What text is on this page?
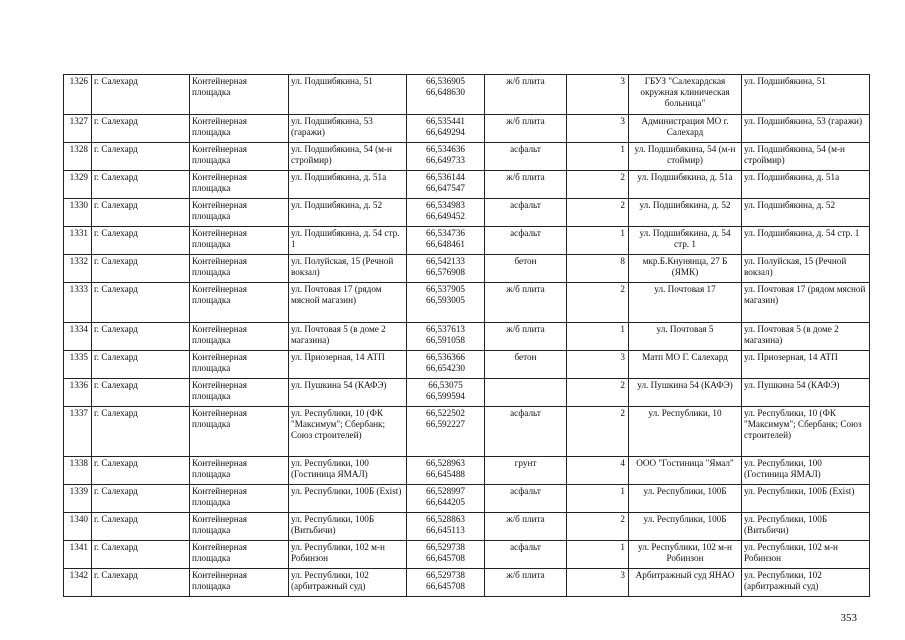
1326	г. Салехард	Контейнерная площадка	ул. Подшибякина, 51	66,536905
66,648630	ж/б плита	3	ГБУЗ "Салехардская окружная клиническая больница"	ул. Подшибякина, 51
1327	г. Салехард	Контейнерная площадка	ул. Подшибякина, 53 (гаражи)	66,535441
66,649294	ж/б плита	3	Администрация МО г. Салехард	ул. Подшибякина, 53 (гаражи)
1328	г. Салехард	Контейнерная площадка	ул. Подшибякина, 54 (м-н строймир)	66,534636
66,649733	асфальт	1	ул. Подшибякина, 54 (м-н стоймир)	ул. Подшибякина, 54 (м-н строймир)
1329	г. Салехард	Контейнерная площадка	ул. Подшибякина, д. 51а	66,536144
66,647547	ж/б плита	2	ул. Подшибякина, д. 51а	ул. Подшибякина, д. 51а
1330	г. Салехард	Контейнерная площадка	ул. Подшибякина, д. 52	66,534983
66,649452	асфальт	2	ул. Подшибякина, д. 52	ул. Подшибякина, д. 52
1331	г. Салехард	Контейнерная площадка	ул. Подшибякина, д. 54 стр. 1	66,534736
66,648461	асфальт	1	ул. Подшибякина, д. 54 стр. 1	ул. Подшибякина, д. 54 стр. 1
1332	г. Салехард	Контейнерная площадка	ул. Полуйская, 15 (Речной вокзал)	66,542133
66,576908	бетон	8	мкр.Б.Кнунянца, 27 Б (ЯМК)	ул. Полуйская, 15 (Речной вокзал)
1333	г. Салехард	Контейнерная площадка	ул. Почтовая 17 (рядом мясной магазин)	66,537905
66,593005	ж/б плита	2	ул. Почтовая 17	ул. Почтовая 17 (рядом мясной магазин)
1334	г. Салехард	Контейнерная площадка	ул. Почтовая 5 (в доме 2 магазина)	66,537613
66,591058	ж/б плита	1	ул. Почтовая 5	ул. Почтовая 5 (в доме 2 магазина)
1335	г. Салехард	Контейнерная площадка	ул. Приозерная, 14 АТП	66,536366
66,654230	бетон	3	Матп МО Г. Салехард	ул. Приозерная, 14 АТП
1336	г. Салехард	Контейнерная площадка	ул. Пушкина 54 (КАФЭ)	66,53075
66,599594		2	ул. Пушкина 54 (КАФЭ)	ул. Пушкина 54 (КАФЭ)
1337	г. Салехард	Контейнерная площадка	ул. Республики, 10 (ФК "Максимум"; Сбербанк; Союз строителей)	66,522502
66,592227	асфальт	2	ул. Республики, 10	ул. Республики, 10 (ФК "Максимум"; Сбербанк; Союз строителей)
1338	г. Салехард	Контейнерная площадка	ул. Республики, 100 (Гостиница ЯМАЛ)	66,528963
66,645488	грунт	4	ООО "Гостиница "Ямал"	ул. Республики, 100 (Гостиница ЯМАЛ)
1339	г. Салехард	Контейнерная площадка	ул. Республики, 100Б (Exist)	66,528997
66,644205	асфальт	1	ул. Республики, 100Б	ул. Республики, 100Б (Exist)
1340	г. Салехард	Контейнерная площадка	ул. Республики, 100Б (Витьбичи)	66,528863
66,645113	ж/б плита	2	ул. Республики, 100Б	ул. Республики, 100Б (Витьбичи)
1341	г. Салехард	Контейнерная площадка	ул. Республики, 102 м-н Робинзон	66,529738
66,645708	асфальт	1	ул. Республики, 102 м-н Робинзон	ул. Республики, 102 м-н Робинзон
1342	г. Салехард	Контейнерная площадка	ул. Республики, 102 (арбитражный суд)	66,529738
66,645708	ж/б плита	3	Арбитражный суд ЯНАО	ул. Республики, 102 (арбитражный суд)
353
